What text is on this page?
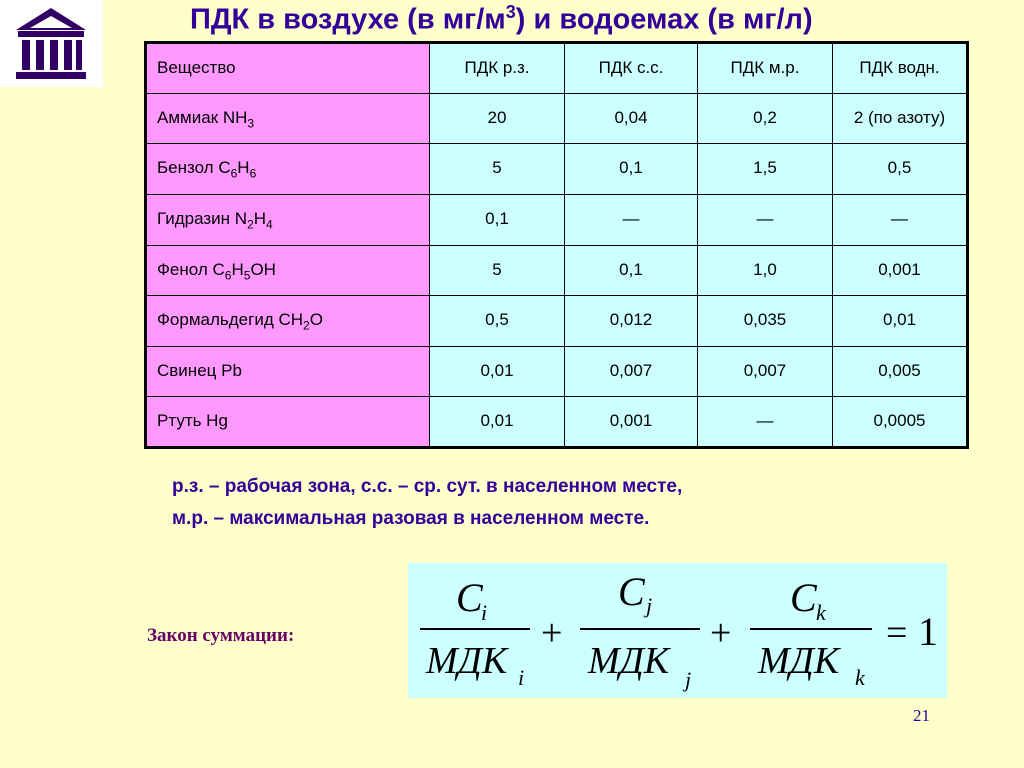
ПДК в воздухе (в $мг/м^3$) и водоемах (в мг/л)
Вещество	ПДК р.з.	ПДК с.с.	ПДК м.р.	ПДК водн.
Аммиак $NH_3$	20	0,04	0,2	2 (по азоту)
Бензол $C_6H_6$	5	0,1	1,5	0,5
Гидразин $N_2H_4$	0,1	—	—	—
Фенол $C_6H_5OH$	5	0,1	1,0	0,001
Формальдегид $CH_2O$	0,5	0,012	0,035	0,01
Свинец Pb	0,01	0,007	0,007	0,005
Ртуть Hg	0,01	0,001	—	0,0005
р.з. – рабочая зона, с.с. – ср. сут. в населенном месте,
м.р. – максимальная разовая в населенном месте.
Закон суммации:
C
i
МДК i
+
C j
МДК j
+
C k
МДК k
= 1
21
